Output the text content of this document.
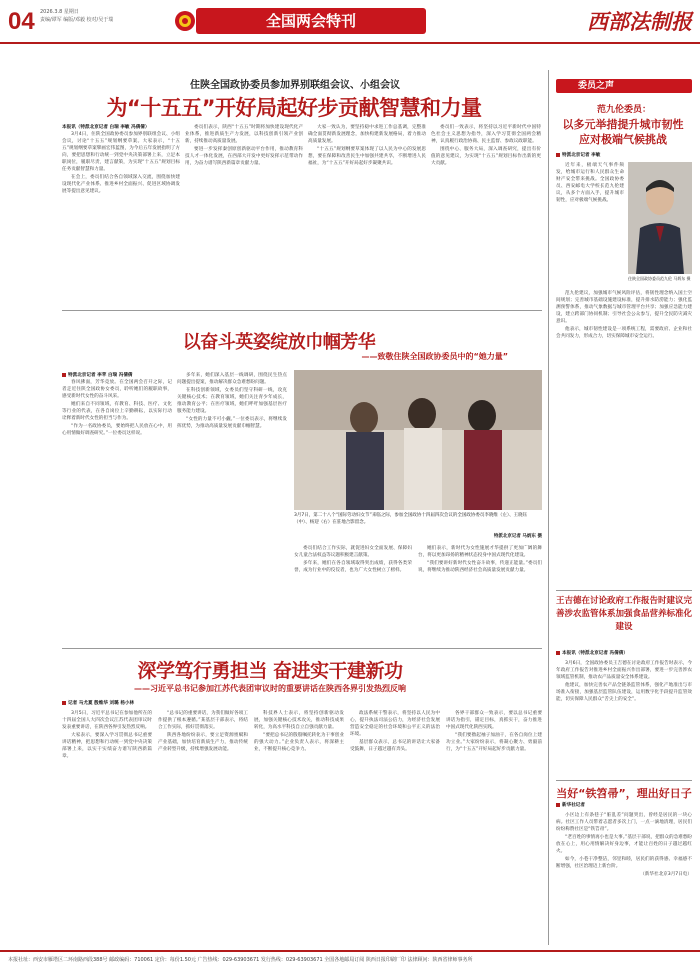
04 2026.3.8 星期日
责编/谭军 编版/邓毅 校对/吴于瑞	全国两会特刊	西部法制报
住陕全国政协委员参加界别联组会议、小组会议
为“十五五”开好局起好步贡献智慧和力量
本报讯（特派北京记者 白瑞 李敏 冯倩倩）

3月4日，住陕全国政协委员参加界别联组会议、小组会议，讨论“十五五”规划纲要草案。大家表示，“十五五”规划纲要草案擘画宏伟蓝图，为今后五年发展指明了方向，要把思想和行动统一到党中央决策部署上来，立足本职岗位，履职尽责，建言献策，为实现“十五五”规划目标任务贡献智慧和力量。

在会上，委员们结合各自领域深入交流，围绕加快建设现代化产业体系、推进乡村全面振兴、促进区域协调发展等提出意见建议。

委员们表示，陕西“十五五”时期将加快建设现代化产业体系，推进新质生产力发展，以科技创新引领产业创新，持续推动高质量发展。

要进一步发挥秦创原创新驱动平台作用，推动教育科技人才一体化发展，在西部大开发中更好发挥示范带动作用，为奋力谱写陕西新篇章贡献力量。

大家一致认为，要坚持稳中求进工作总基调，完整准确全面贯彻新发展理念，加快构建新发展格局，着力推动高质量发展。

“十五五”规划纲要草案体现了以人民为中心的发展思想，要在保障和改善民生中加强共建共享，不断增进人民福祉，为“十五五”开好局起好步凝聚共识。

委员们一致表示，将坚持以习近平新时代中国特色社会主义思想为指导，深入学习贯彻全国两会精神，认真履行政治协商、民主监督、参政议政职能。

围绕中心、服务大局，深入调查研究，提出有价值的意见建议，为实现“十五五”规划目标作出新的更大贡献。

以奋斗英姿绽放巾帼芳华
——致敬住陕全国政协委员中的“她力量”
特派北京记者 李苹 白瑞 冯倩倩

春风拂面，芳华竞放。在全国两会召开之际，记者走近住陕全国政协女委员，聆听她们的履职故事，感受新时代女性的奋斗风采。

她们来自不同领域，有教育、科技、医疗、文化等行业的代表，在各自岗位上辛勤耕耘，以实际行动诠释着新时代女性的担当与作为。

“作为一名政协委员，要始终把人民放在心中，用心用情做好调查研究。”一位委员这样说。

多年来，她们深入基层一线调研，围绕民生热点问题提出提案，推动解决群众急难愁盼问题。

在科技创新领域，女委员们坚守科研一线，攻克关键核心技术；在教育领域，她们关注青少年成长，推动教育公平；在医疗领域，她们呼吁加强基层医疗服务能力建设。

“女性的力量不可小觑。”一位委员表示，将继续发挥优势，为推动高质量发展贡献巾帼智慧。

3月7日，第二十八个“国际劳动妇女节”来临之际，参加全国政协十四届四次会议的全国政协委员李晓维（左）、王晓钰（中）、杨迎（右）在驻地合影留念。
特派北京记者 马炳东 摄

委员们结合工作实际，就促进妇女全面发展、保障妇女儿童合法权益等议题积极建言献策。

多年来，她们在各自领域取得突出成绩，获得各类荣誉，成为行业中的佼佼者，也为广大女性树立了榜样。

她们表示，新时代为女性施展才华提供了更加广阔的舞台，将以更加昂扬的精神状态投身中国式现代化建设。

“我们要讲好新时代女性奋斗故事，传递正能量。”委员们说，将继续为推动陕西经济社会高质量发展贡献力量。

深学笃行勇担当 奋进实干建新功
——习近平总书记参加江苏代表团审议时的重要讲话在陕西各界引发热烈反响
记者 马尤夏 殷维华 刘璐 杨小林

3月5日，习近平总书记在参加他所在的十四届全国人大四次会议江苏代表团审议时发表重要讲话，在陕西各界引发热烈反响。

大家表示，要深入学习贯彻总书记重要讲话精神，把思想和行动统一到党中央决策部署上来，以实干实绩奋力谱写陕西新篇章。

“总书记的重要讲话，为我们做好各项工作提供了根本遵循。”某基层干部表示，将结合工作实际，抓好贯彻落实。

陕西各地纷纷表示，要立足资源禀赋和产业基础，加快培育新质生产力，推动传统产业转型升级，持续增强发展动能。

科技界人士表示，将坚持创新驱动发展，加强关键核心技术攻关，推动科技成果转化，为高水平科技自立自强贡献力量。

“要把总书记的殷殷嘱托转化为干事创业的强大动力。”企业负责人表示，将深耕主业，不断提升核心竞争力。

政法系统干警表示，将坚持以人民为中心，提升执法司法公信力，为经济社会发展营造安全稳定的社会环境和公平正义的法治环境。

基层群众表示，总书记的讲话让大家备受鼓舞，日子越过越有奔头。

各界干部群众一致表示，要以总书记重要讲话为指引，锚定目标，真抓实干，奋力推进中国式现代化陕西实践。

“我们要撸起袖子加油干，在各自岗位上建功立业。”大家纷纷表示，将凝心聚力、勇毅前行，为“十五五”开好局起好步贡献力量。

委员之声
范九伦委员：
以多元举措提升城市韧性
应对极端气候挑战
特派北京记者 李敏

近年来，极端天气事件频发，给城市运行和人民群众生命财产安全带来挑战。全国政协委员、西安邮电大学校长范九伦建议，从多个方面入手，提升城市韧性，应对极端气候挑战。

住陕全国政协委员范九伦 马炳东 摄

范九伦建议，加强城市气候风险评估，将韧性理念纳入国土空间规划；完善城市基础设施建设标准，提升排水防涝能力；强化监测预警体系，推动气象数据与城市管理平台共享；加强应急能力建设，建立跨部门协同机制；引导社会公众参与，提升全民防灾减灾意识。

他表示，城市韧性建设是一项系统工程，需要政府、企业和社会共同发力，形成合力，切实保障城市安全运行。

王吉德在讨论政府工作报告时建议完善涉农监管体系加强食品营养标准化建设
本报讯（特派北京记者 冯倩倩）

3月6日，全国政协委员王吉德在讨论政府工作报告时表示，今年政府工作报告对推进乡村全面振兴作出部署，要进一步完善涉农领域监管机制，推动农产品质量安全体系建设。

他建议，加快完善农产品全链条监管体系，强化产地准出与市场准入衔接，加强基层监管队伍建设，运用数字化手段提升监管效能，切实保障人民群众“舌尖上的安全”。

当好“铁笤帚”，理出好日子
新华社记者

小区边上有条巷子“脏乱差”问题突出，曾经是居民的一块心病。社区工作人员带着志愿者多次上门，一点一滴地清理，居民们纷纷称赞社区是“铁笤帚”。

“老百姓的事情再小也是大事。”基层干部说，把群众的急难愁盼放在心上，用心用情解决好身边事，才能让百姓的日子越过越红火。

如今，小巷干净整洁，邻里和睦，居民们的获得感、幸福感不断增强，社区治理迈上新台阶。

（新华社北京3月7日电）
本报社址：西安市雁塔区二环南路西段388号 邮政编码：710061 定价：每份1.50元 广告热线：029-63903671 发行热线：029-63903671 全国各地邮局订阅 陕西日报印刷厂印 法律顾问：陕西省律师事务所
